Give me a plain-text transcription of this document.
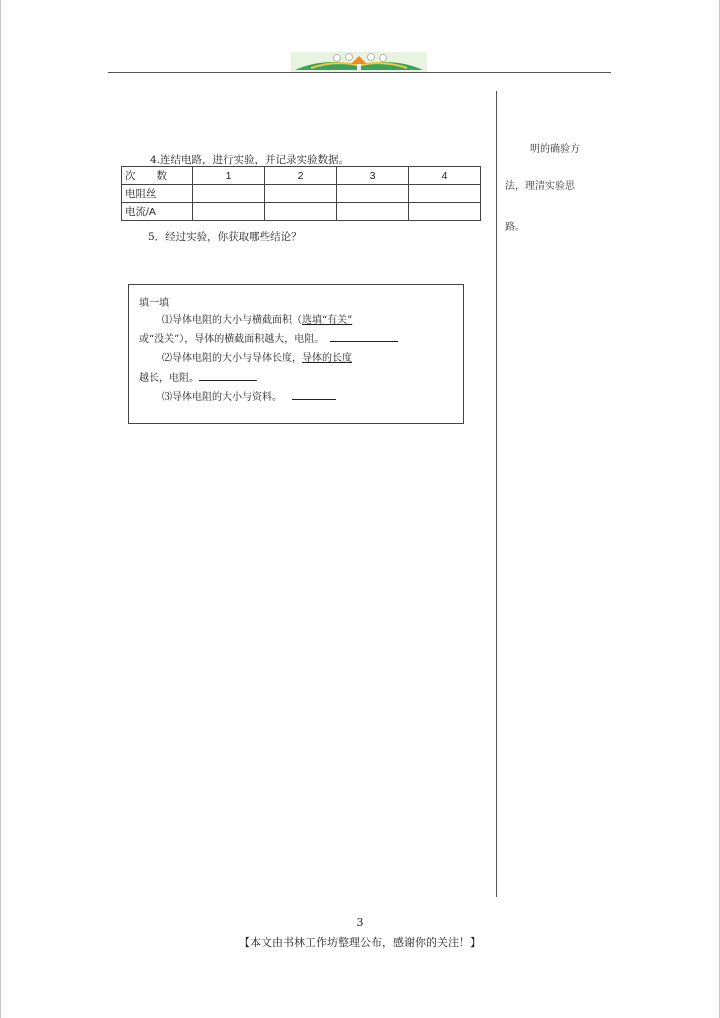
明的确验方
法，理清实验思
路。
4.连结电路，进行实验，并记录实验数据。
次　　数	1	2	3	4
电阻丝				
电流/A				
5．经过实验，你获取哪些结论？
填一填
⑴导体电阻的大小与横截面积（选填“有关”
或“没关”），导体的横截面积越大，电阻。
⑵导体电阻的大小与导体长度，导体的长度
越长，电阻。
⑶导体电阻的大小与资料。
3
【本文由书林工作坊整理公布，感谢你的关注！】
